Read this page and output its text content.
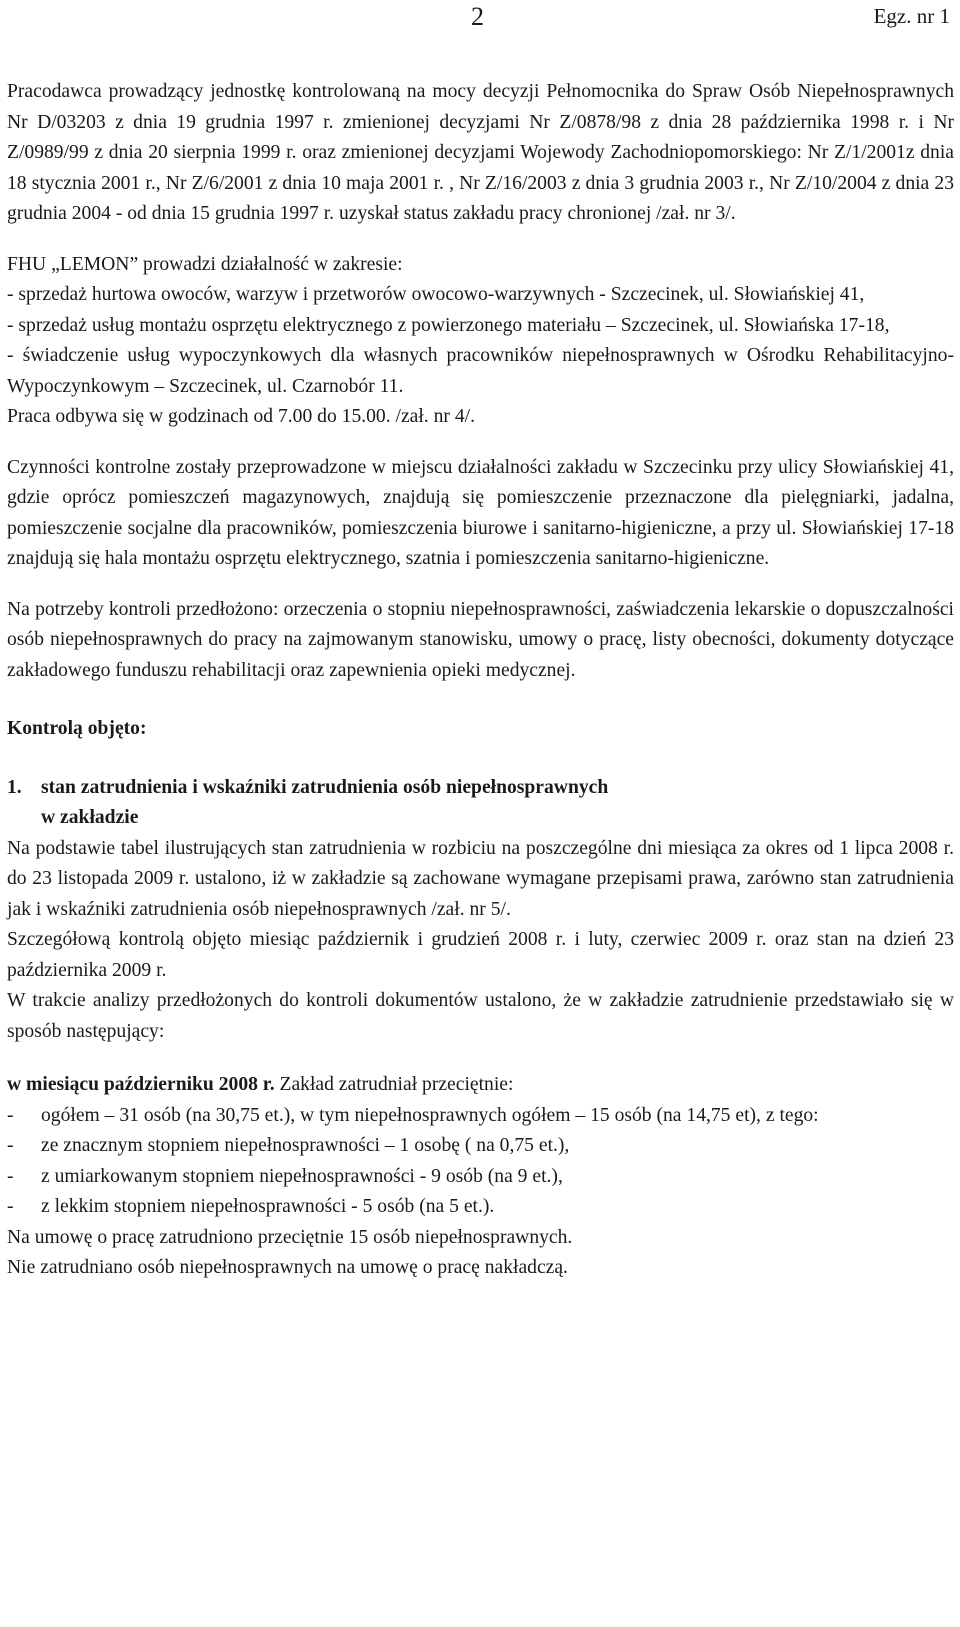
2	Egz. nr 1

Pracodawca prowadzący jednostkę kontrolowaną na mocy decyzji Pełnomocnika do Spraw Osób Niepełnosprawnych Nr D/03203 z dnia 19 grudnia 1997 r. zmienionej decyzjami Nr Z/0878/98 z dnia 28 października 1998 r. i Nr Z/0989/99 z dnia 20 sierpnia 1999 r. oraz zmienionej decyzjami Wojewody Zachodniopomorskiego: Nr Z/1/2001z dnia 18 stycznia 2001 r., Nr Z/6/2001 z dnia 10 maja 2001 r. , Nr Z/16/2003 z dnia 3 grudnia 2003 r., Nr Z/10/2004 z dnia 23 grudnia 2004 - od dnia 15 grudnia 1997 r. uzyskał status zakładu pracy chronionej /zał. nr 3/.

FHU „LEMON” prowadzi działalność w zakresie:

- sprzedaż hurtowa owoców, warzyw i przetworów owocowo-warzywnych - Szczecinek, ul. Słowiańskiej 41,

- sprzedaż usług montażu osprzętu elektrycznego z powierzonego materiału – Szczecinek, ul. Słowiańska 17-18,

- świadczenie usług wypoczynkowych dla własnych pracowników niepełnosprawnych w Ośrodku Rehabilitacyjno-Wypoczynkowym – Szczecinek, ul. Czarnobór 11.

Praca odbywa się w godzinach od 7.00 do 15.00. /zał. nr 4/.

Czynności kontrolne zostały przeprowadzone w miejscu działalności zakładu w Szczecinku przy ulicy Słowiańskiej 41, gdzie oprócz pomieszczeń magazynowych, znajdują się pomieszczenie przeznaczone dla pielęgniarki, jadalna, pomieszczenie socjalne dla pracowników, pomieszczenia biurowe i sanitarno-higieniczne, a przy ul. Słowiańskiej 17-18 znajdują się hala montażu osprzętu elektrycznego, szatnia i pomieszczenia sanitarno-higieniczne.

Na potrzeby kontroli przedłożono: orzeczenia o stopniu niepełnosprawności, zaświadczenia lekarskie o dopuszczalności osób niepełnosprawnych do pracy na zajmowanym stanowisku, umowy o pracę, listy obecności, dokumenty dotyczące zakładowego funduszu rehabilitacji oraz zapewnienia opieki medycznej.

Kontrolą objęto:

1. stan zatrudnienia i wskaźniki zatrudnienia osób niepełnosprawnych

w zakładzie

Na podstawie tabel ilustrujących stan zatrudnienia w rozbiciu na poszczególne dni miesiąca za okres od 1 lipca 2008 r. do 23 listopada 2009 r. ustalono, iż w zakładzie są zachowane wymagane przepisami prawa, zarówno stan zatrudnienia jak i wskaźniki zatrudnienia osób niepełnosprawnych /zał. nr 5/.

Szczegółową kontrolą objęto miesiąc październik i grudzień 2008 r. i luty, czerwiec 2009 r. oraz stan na dzień 23 października 2009 r.

W trakcie analizy przedłożonych do kontroli dokumentów ustalono, że w zakładzie zatrudnienie przedstawiało się w sposób następujący:

w miesiącu październiku 2008 r. Zakład zatrudniał przeciętnie:

- ogółem – 31 osób (na 30,75 et.), w tym niepełnosprawnych ogółem – 15 osób (na 14,75 et), z tego:
- ze znacznym stopniem niepełnosprawności – 1 osobę ( na 0,75 et.),
- z umiarkowanym stopniem niepełnosprawności - 9 osób (na 9 et.),
- z lekkim stopniem niepełnosprawności - 5 osób (na 5 et.).

Na umowę o pracę zatrudniono przeciętnie 15 osób niepełnosprawnych.

Nie zatrudniano osób niepełnosprawnych na umowę o pracę nakładczą.
